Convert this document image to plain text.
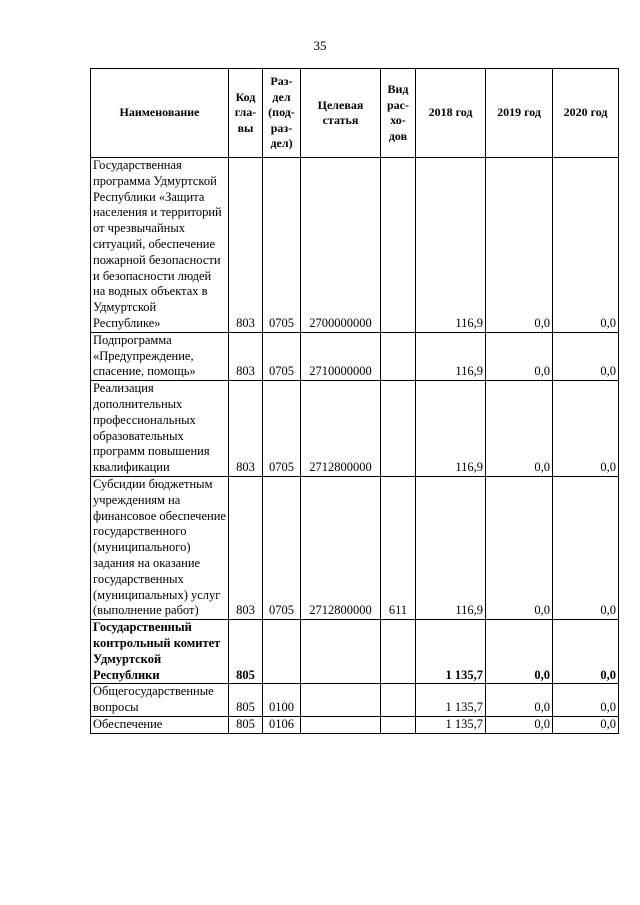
35
Наименование	Код гла- вы	Раз- дел (под- раз- дел)	Целевая статья	Вид рас- хо- дов	2018 год	2019 год	2020 год
Государственная программа Удмуртской Республики «Защита населения и территорий от чрезвычайных ситуаций, обеспечение пожарной безопасности и безопасности людей на водных объектах в Удмуртской Республике»	803	0705	2700000000		116,9	0,0	0,0
Подпрограмма «Предупреждение, спасение, помощь»	803	0705	2710000000		116,9	0,0	0,0
Реализация дополнительных профессиональных образовательных программ повышения квалификации	803	0705	2712800000		116,9	0,0	0,0
Субсидии бюджетным учреждениям на финансовое обеспечение государственного (муниципального) задания на оказание государственных (муниципальных) услуг (выполнение работ)	803	0705	2712800000	611	116,9	0,0	0,0
Государственный контрольный комитет Удмуртской Республики	805				1 135,7	0,0	0,0
Общегосударственные вопросы	805	0100			1 135,7	0,0	0,0
Обеспечение	805	0106			1 135,7	0,0	0,0
